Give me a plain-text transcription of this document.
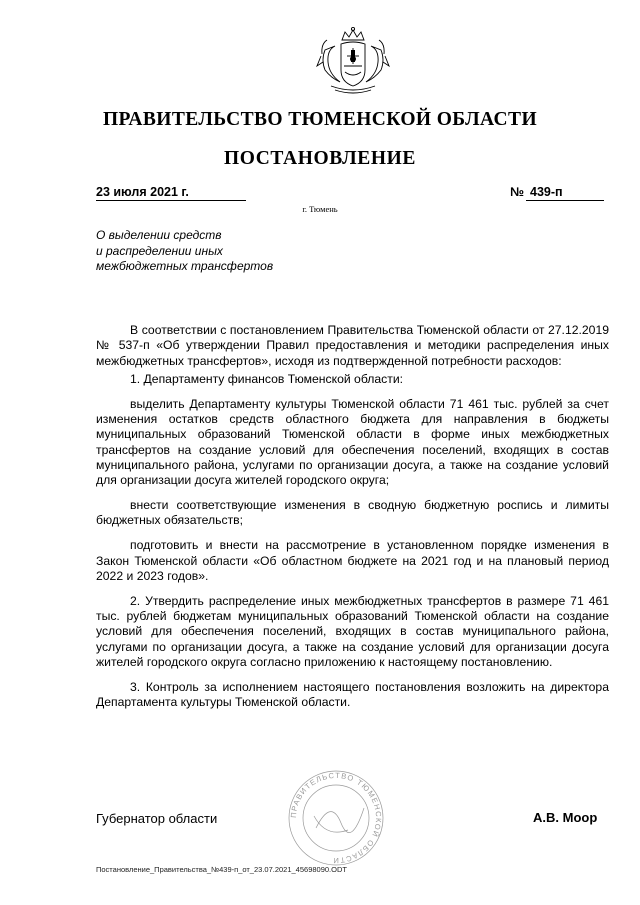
ПРАВИТЕЛЬСТВО ТЮМЕНСКОЙ ОБЛАСТИ
ПОСТАНОВЛЕНИЕ
23 июля 2021 г.	№ 439-п
г. Тюмень
О выделении средств
и распределении иных
межбюджетных трансфертов

В соответствии с постановлением Правительства Тюменской области от 27.12.2019 № 537-п «Об утверждении Правил предоставления и методики распределения иных межбюджетных трансфертов», исходя из подтвержденной потребности расходов:

1. Департаменту финансов Тюменской области:

выделить Департаменту культуры Тюменской области 71 461 тыс. рублей за счет изменения остатков средств областного бюджета для направления в бюджеты муниципальных образований Тюменской области в форме иных межбюджетных трансфертов на создание условий для обеспечения поселений, входящих в состав муниципального района, услугами по организации досуга, а также на создание условий для организации досуга жителей городского округа;

внести соответствующие изменения в сводную бюджетную роспись и лимиты бюджетных обязательств;

подготовить и внести на рассмотрение в установленном порядке изменения в Закон Тюменской области «Об областном бюджете на 2021 год и на плановый период 2022 и 2023 годов».

2. Утвердить распределение иных межбюджетных трансфертов в размере 71 461 тыс. рублей бюджетам муниципальных образований Тюменской области на создание условий для обеспечения поселений, входящих в состав муниципального района, услугами по организации досуга, а также на создание условий для организации досуга жителей городского округа согласно приложению к настоящему постановлению.

3. Контроль за исполнением настоящего постановления возложить на директора Департамента культуры Тюменской области.

ПРАВИТЕЛЬСТВО ТЮМЕНСКОЙ ОБЛАСТИ
Губернатор области	А.В. Моор
Постановление_Правительства_№439-п_от_23.07.2021_45698090.ODT
